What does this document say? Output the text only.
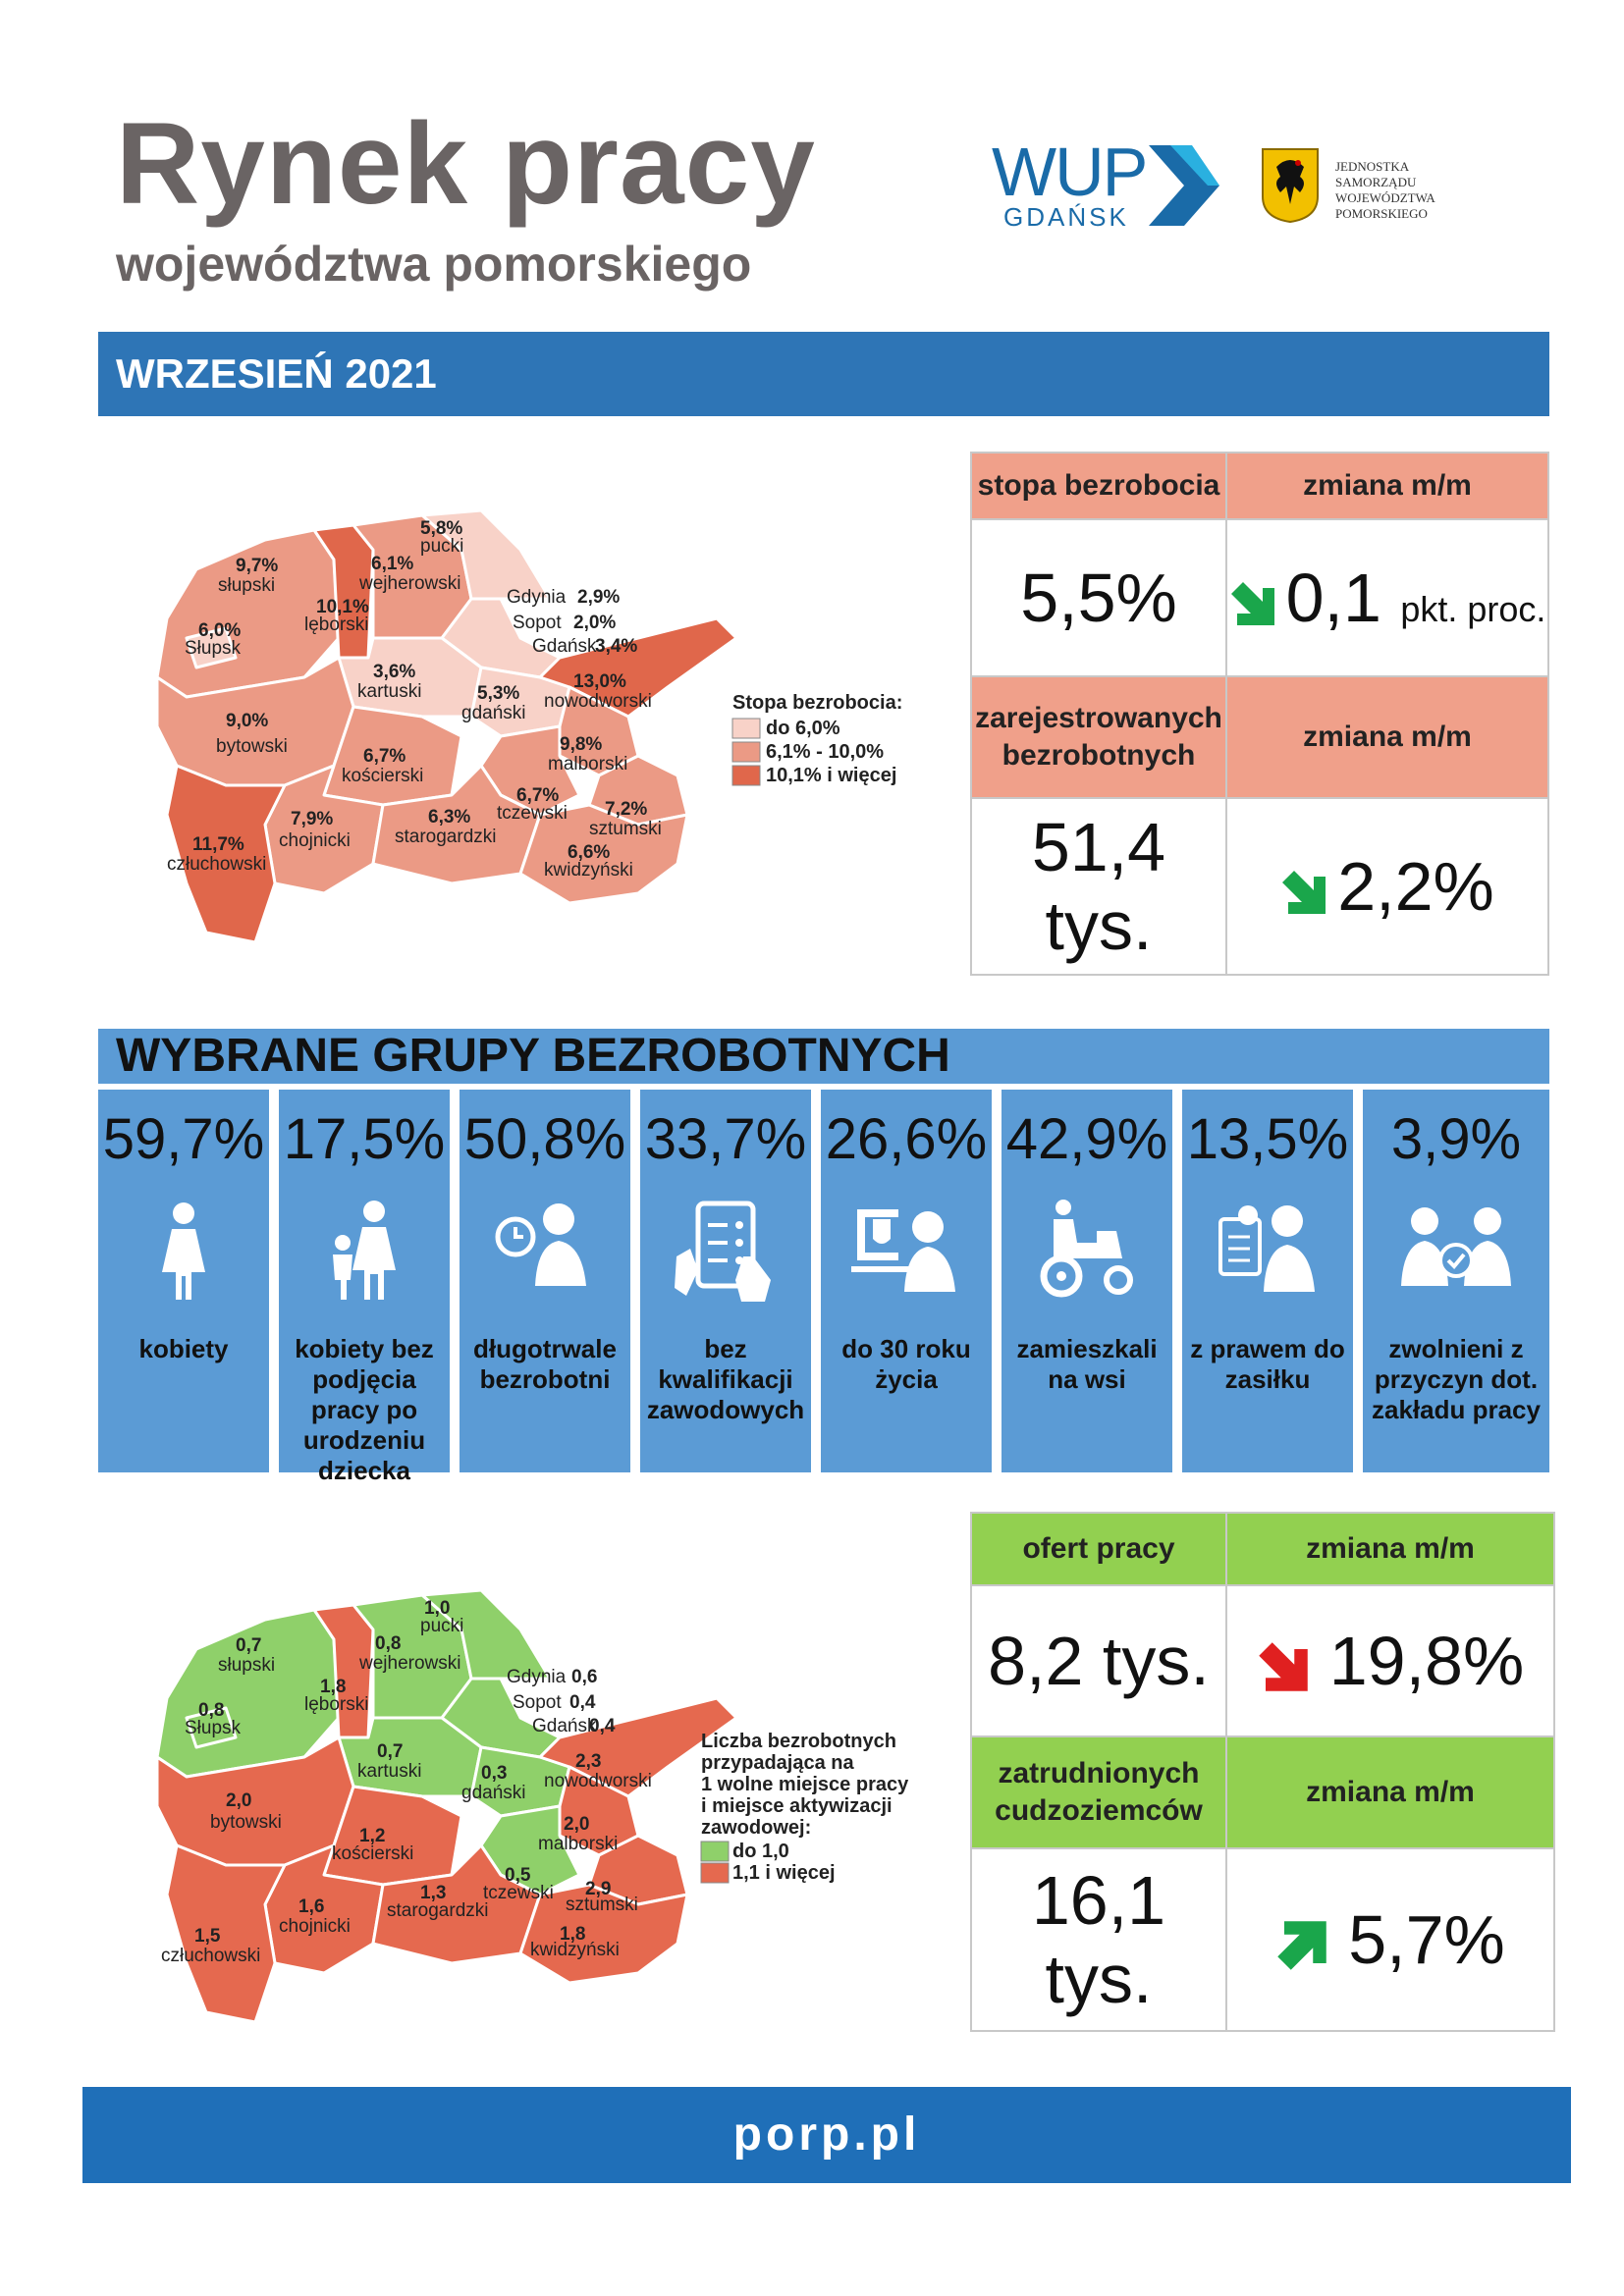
Rynek pracy
województwa pomorskiego
WUP
GDAŃSK
JEDNOSTKA
SAMORZĄDU
WOJEWÓDZTWA
POMORSKIEGO
WRZESIEŃ 2021
9,7%
słupski
6,0%
Słupsk
10,1%
lęborski
6,1%
wejherowski
5,8%
pucki
Gdynia 2,9%
Sopot 2,0%
Gdańsk
3,4%
3,6%
kartuski	5,3%
gdański
13,0%
nowodworski
9,0%
bytowski	6,7%
kościerski
9,8%
malborski
6,7%
tczewski 7,2%
sztumski
7,9%
chojnicki
6,3%
starogardzki
6,6%
kwidzyński
11,7%
człuchowski
Stopa bezrobocia:
do 6,0%
6,1% - 10,0%
10,1% i więcej
stopa bezrobocia	zmiana m/m
5,5%	0,1 pkt. proc.
zarejestrowanych bezrobotnych	zmiana m/m
51,4 tys.	2,2%
WYBRANE GRUPY BEZROBOTNYCH
59,7%
kobiety
17,5%
kobiety bez podjęcia pracy po urodzeniu dziecka
50,8%
długotrwale bezrobotni
33,7%
bez kwalifikacji zawodowych
26,6%
do 30 roku życia
42,9%
zamieszkali na wsi
13,5%
z prawem do zasiłku
3,9%
zwolnieni z przyczyn dot. zakładu pracy
0,7
słupski
0,8
Słupsk
1,8
lęborski
0,8
wejherowski
1,0
pucki
Gdynia 0,6
Sopot 0,4
Gdańsk
0,4
0,7
kartuski	0,3
gdański
2,3
nowodworski
2,0
bytowski
1,2
kościerski
2,0
malborski
0,5
tczewski 2,9
sztumski
1,6
chojnicki
1,3
starogardzki
1,8
kwidzyński
1,5
człuchowski
Liczba bezrobotnych
przypadająca na
1 wolne miejsce pracy
i miejsce aktywizacji
zawodowej:
do 1,0
1,1 i więcej
ofert pracy	zmiana m/m
8,2 tys.	19,8%
zatrudnionych cudzoziemców	zmiana m/m
16,1 tys.	5,7%
porp.pl
